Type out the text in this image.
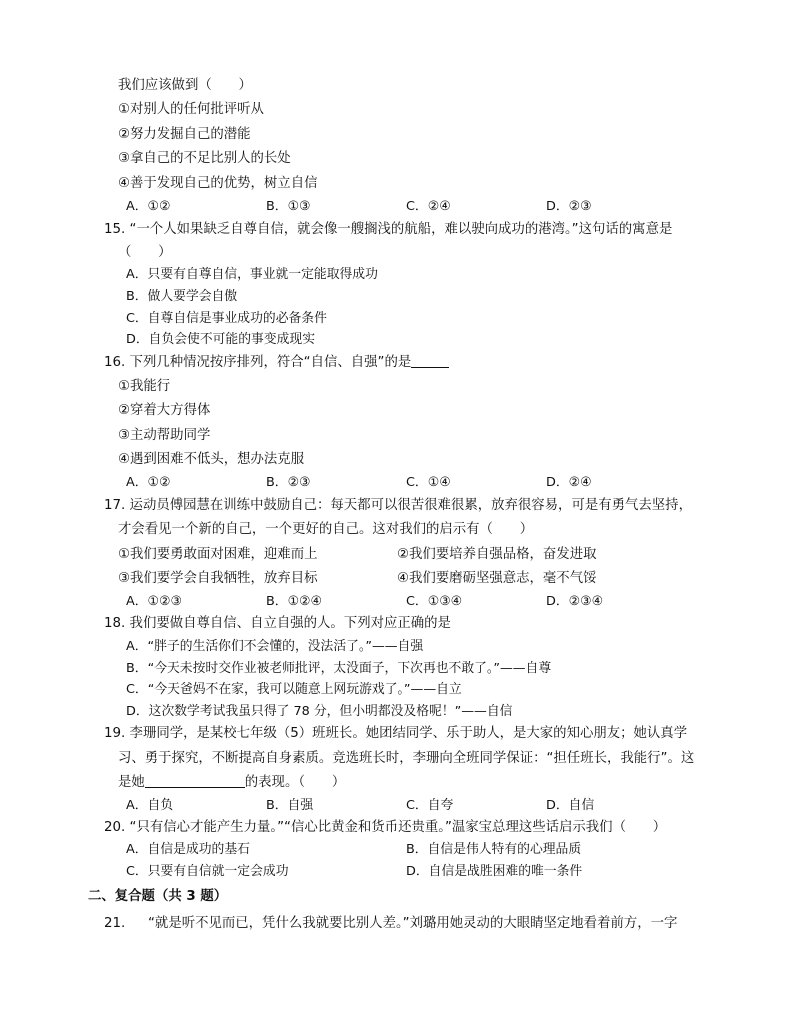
我们应该做到（　　）
①对别人的任何批评听从
②努力发掘自己的潜能
③拿自己的不足比别人的长处
④善于发现自己的优势，树立自信
A．①②	B．①③	C．②④	D．②③
15. “一个人如果缺乏自尊自信，就会像一艘搁浅的航船，难以驶向成功的港湾。”这句话的寓意是
（　　）
A．只要有自尊自信，事业就一定能取得成功
B．做人要学会自傲
C．自尊自信是事业成功的必备条件
D．自负会使不可能的事变成现实
16. 下列几种情况按序排列，符合“自信、自强”的是
①我能行
②穿着大方得体
③主动帮助同学
④遇到困难不低头，想办法克服
A．①②	B．②③	C．①④	D．②④
17. 运动员傅园慧在训练中鼓励自己：每天都可以很苦很难很累，放弃很容易，可是有勇气去坚持，
才会看见一个新的自己，一个更好的自己。这对我们的启示有（　　）
①我们要勇敢面对困难，迎难而上	②我们要培养自强品格，奋发进取
③我们要学会自我牺牲，放弃目标	④我们要磨砺坚强意志，毫不气馁
A．①②③	B．①②④	C．①③④	D．②③④
18. 我们要做自尊自信、自立自强的人。下列对应正确的是
A．“胖子的生活你们不会懂的，没法活了。”——自强
B．“今天未按时交作业被老师批评，太没面子，下次再也不敢了。”——自尊
C．“今天爸妈不在家，我可以随意上网玩游戏了。”——自立
D．这次数学考试我虽只得了 78 分，但小明都没及格呢！”——自信
19. 李珊同学，是某校七年级（5）班班长。她团结同学、乐于助人，是大家的知心朋友；她认真学
习、勇于探究，不断提高自身素质。竞选班长时，李珊向全班同学保证：“担任班长，我能行”。这
是她	的表现。（　　）
A．自负	B．自强	C．自夸	D．自信
20. “只有信心才能产生力量。”“信心比黄金和货币还贵重。”温家宝总理这些话启示我们（　　）
A．自信是成功的基石	B．自信是伟人特有的心理品质
C．只要有自信就一定会成功	D．自信是战胜困难的唯一条件
二、复合题（共 3 题）
21. “就是听不见而已，凭什么我就要比别人差。”刘璐用她灵动的大眼睛坚定地看着前方，一字
